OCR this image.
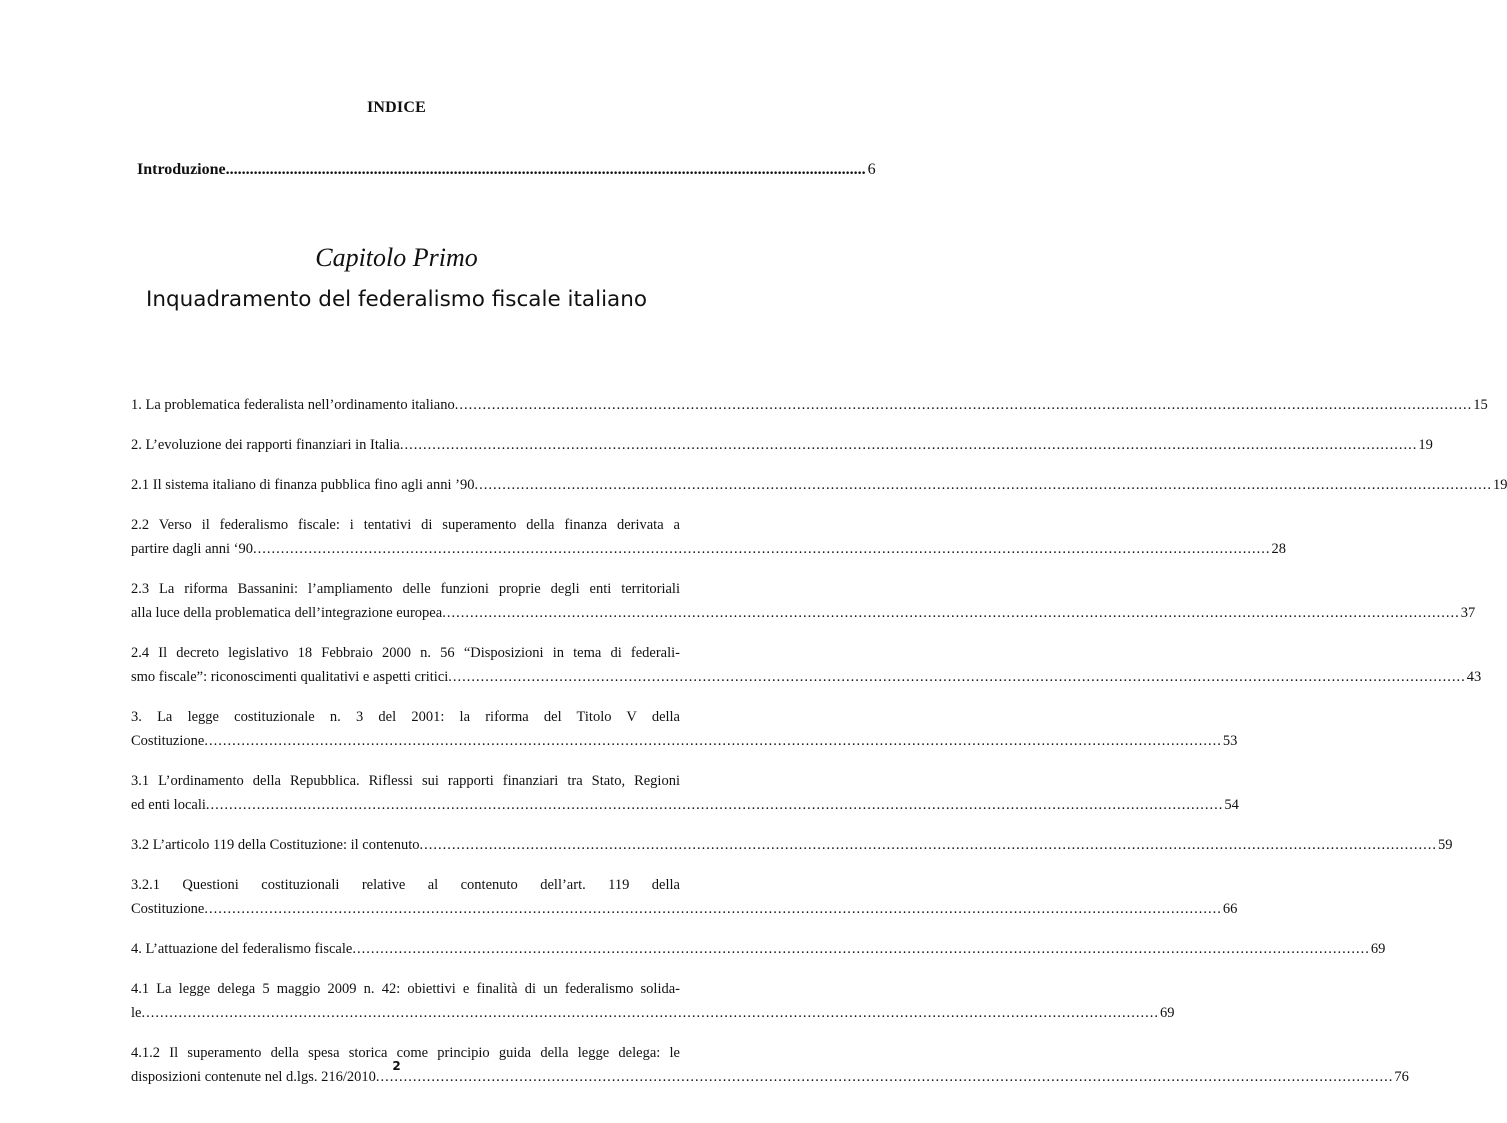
INDICE
Introduzione ................................................................................................................................................................ 6
Capitolo Primo
Inquadramento del federalismo fiscale italiano
1. La problematica federalista nell’ordinamento italiano ............................................................................................................................................................................................................................ 15
2. L’evoluzione dei rapporti finanziari in Italia ............................................................................................................................................................................................................................ 19
2.1 Il sistema italiano di finanza pubblica fino agli anni ’90 ............................................................................................................................................................................................................................ 19
2.2 Verso il federalismo fiscale: i tentativi di superamento della finanza derivata a
partire dagli anni ‘90 ............................................................................................................................................................................................................................ 28
2.3 La riforma Bassanini: l’ampliamento delle funzioni proprie degli enti territoriali
alla luce della problematica dell’integrazione europea ............................................................................................................................................................................................................................ 37
2.4 Il decreto legislativo 18 Febbraio 2000 n. 56 “Disposizioni in tema di federali-
smo fiscale”: riconoscimenti qualitativi e aspetti critici ............................................................................................................................................................................................................................ 43
3. La legge costituzionale n. 3 del 2001: la riforma del Titolo V della
Costituzione ............................................................................................................................................................................................................................ 53
3.1 L’ordinamento della Repubblica. Riflessi sui rapporti finanziari tra Stato, Regioni
ed enti locali ............................................................................................................................................................................................................................ 54
3.2 L’articolo 119 della Costituzione: il contenuto ............................................................................................................................................................................................................................ 59
3.2.1 Questioni costituzionali relative al contenuto dell’art. 119 della
Costituzione ............................................................................................................................................................................................................................ 66
4. L’attuazione del federalismo fiscale ............................................................................................................................................................................................................................ 69
4.1 La legge delega 5 maggio 2009 n. 42: obiettivi e finalità di un federalismo solida-
le ............................................................................................................................................................................................................................ 69
4.1.2 Il superamento della spesa storica come principio guida della legge delega: le
disposizioni contenute nel d.lgs. 216/2010 ............................................................................................................................................................................................................................ 76
2
